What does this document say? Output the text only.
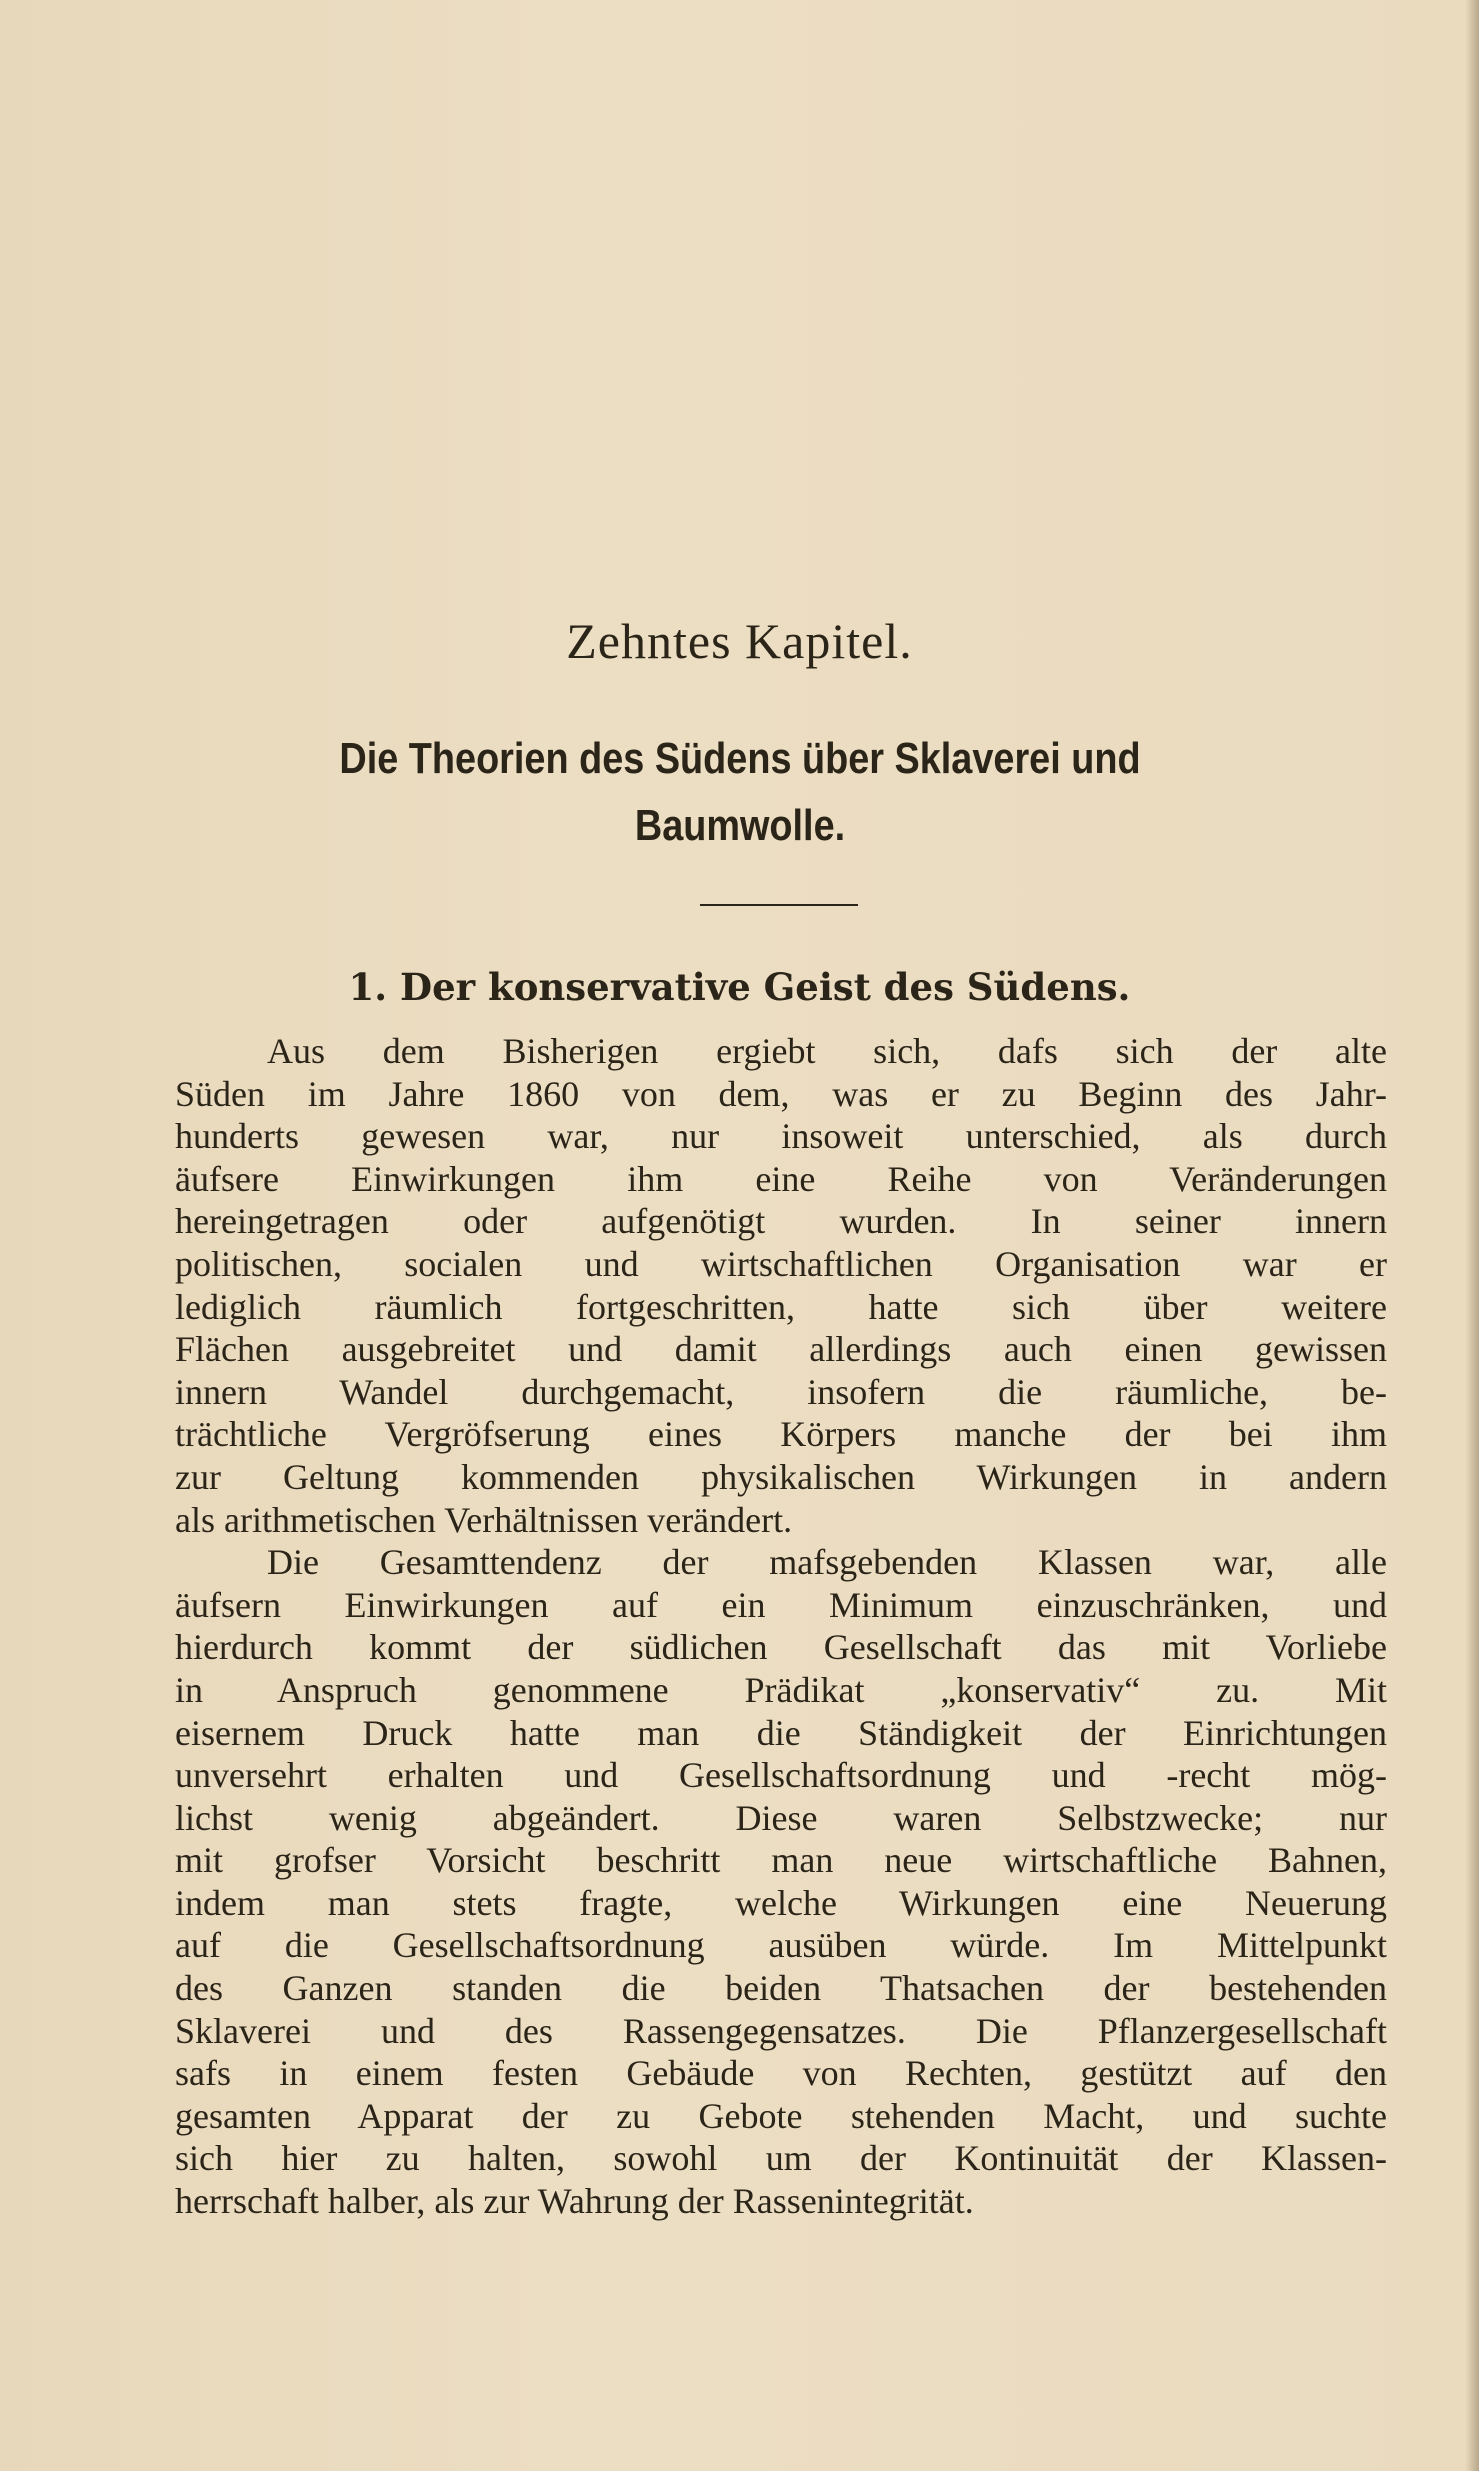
Zehntes Kapitel.
Die Theorien des Südens über Sklaverei und
Baumwolle.
1. Der konservative Geist des Südens.
Aus dem Bisherigen ergiebt sich, dafs sich der alte
Süden im Jahre 1860 von dem, was er zu Beginn des Jahr-
hunderts gewesen war, nur insoweit unterschied, als durch
äufsere Einwirkungen ihm eine Reihe von Veränderungen
hereingetragen oder aufgenötigt wurden. In seiner innern
politischen, socialen und wirtschaftlichen Organisation war er
lediglich räumlich fortgeschritten, hatte sich über weitere
Flächen ausgebreitet und damit allerdings auch einen gewissen
innern Wandel durchgemacht, insofern die räumliche, be-
trächtliche Vergröfserung eines Körpers manche der bei ihm
zur Geltung kommenden physikalischen Wirkungen in andern
als arithmetischen Verhältnissen verändert.
Die Gesamttendenz der mafsgebenden Klassen war, alle
äufsern Einwirkungen auf ein Minimum einzuschränken, und
hierdurch kommt der südlichen Gesellschaft das mit Vorliebe
in Anspruch genommene Prädikat „konservativ“ zu. Mit
eisernem Druck hatte man die Ständigkeit der Einrichtungen
unversehrt erhalten und Gesellschaftsordnung und -recht mög-
lichst wenig abgeändert. Diese waren Selbstzwecke; nur
mit grofser Vorsicht beschritt man neue wirtschaftliche Bahnen,
indem man stets fragte, welche Wirkungen eine Neuerung
auf die Gesellschaftsordnung ausüben würde. Im Mittelpunkt
des Ganzen standen die beiden Thatsachen der bestehenden
Sklaverei und des Rassengegensatzes. Die Pflanzergesellschaft
safs in einem festen Gebäude von Rechten, gestützt auf den
gesamten Apparat der zu Gebote stehenden Macht, und suchte
sich hier zu halten, sowohl um der Kontinuität der Klassen-
herrschaft halber, als zur Wahrung der Rassenintegrität.
